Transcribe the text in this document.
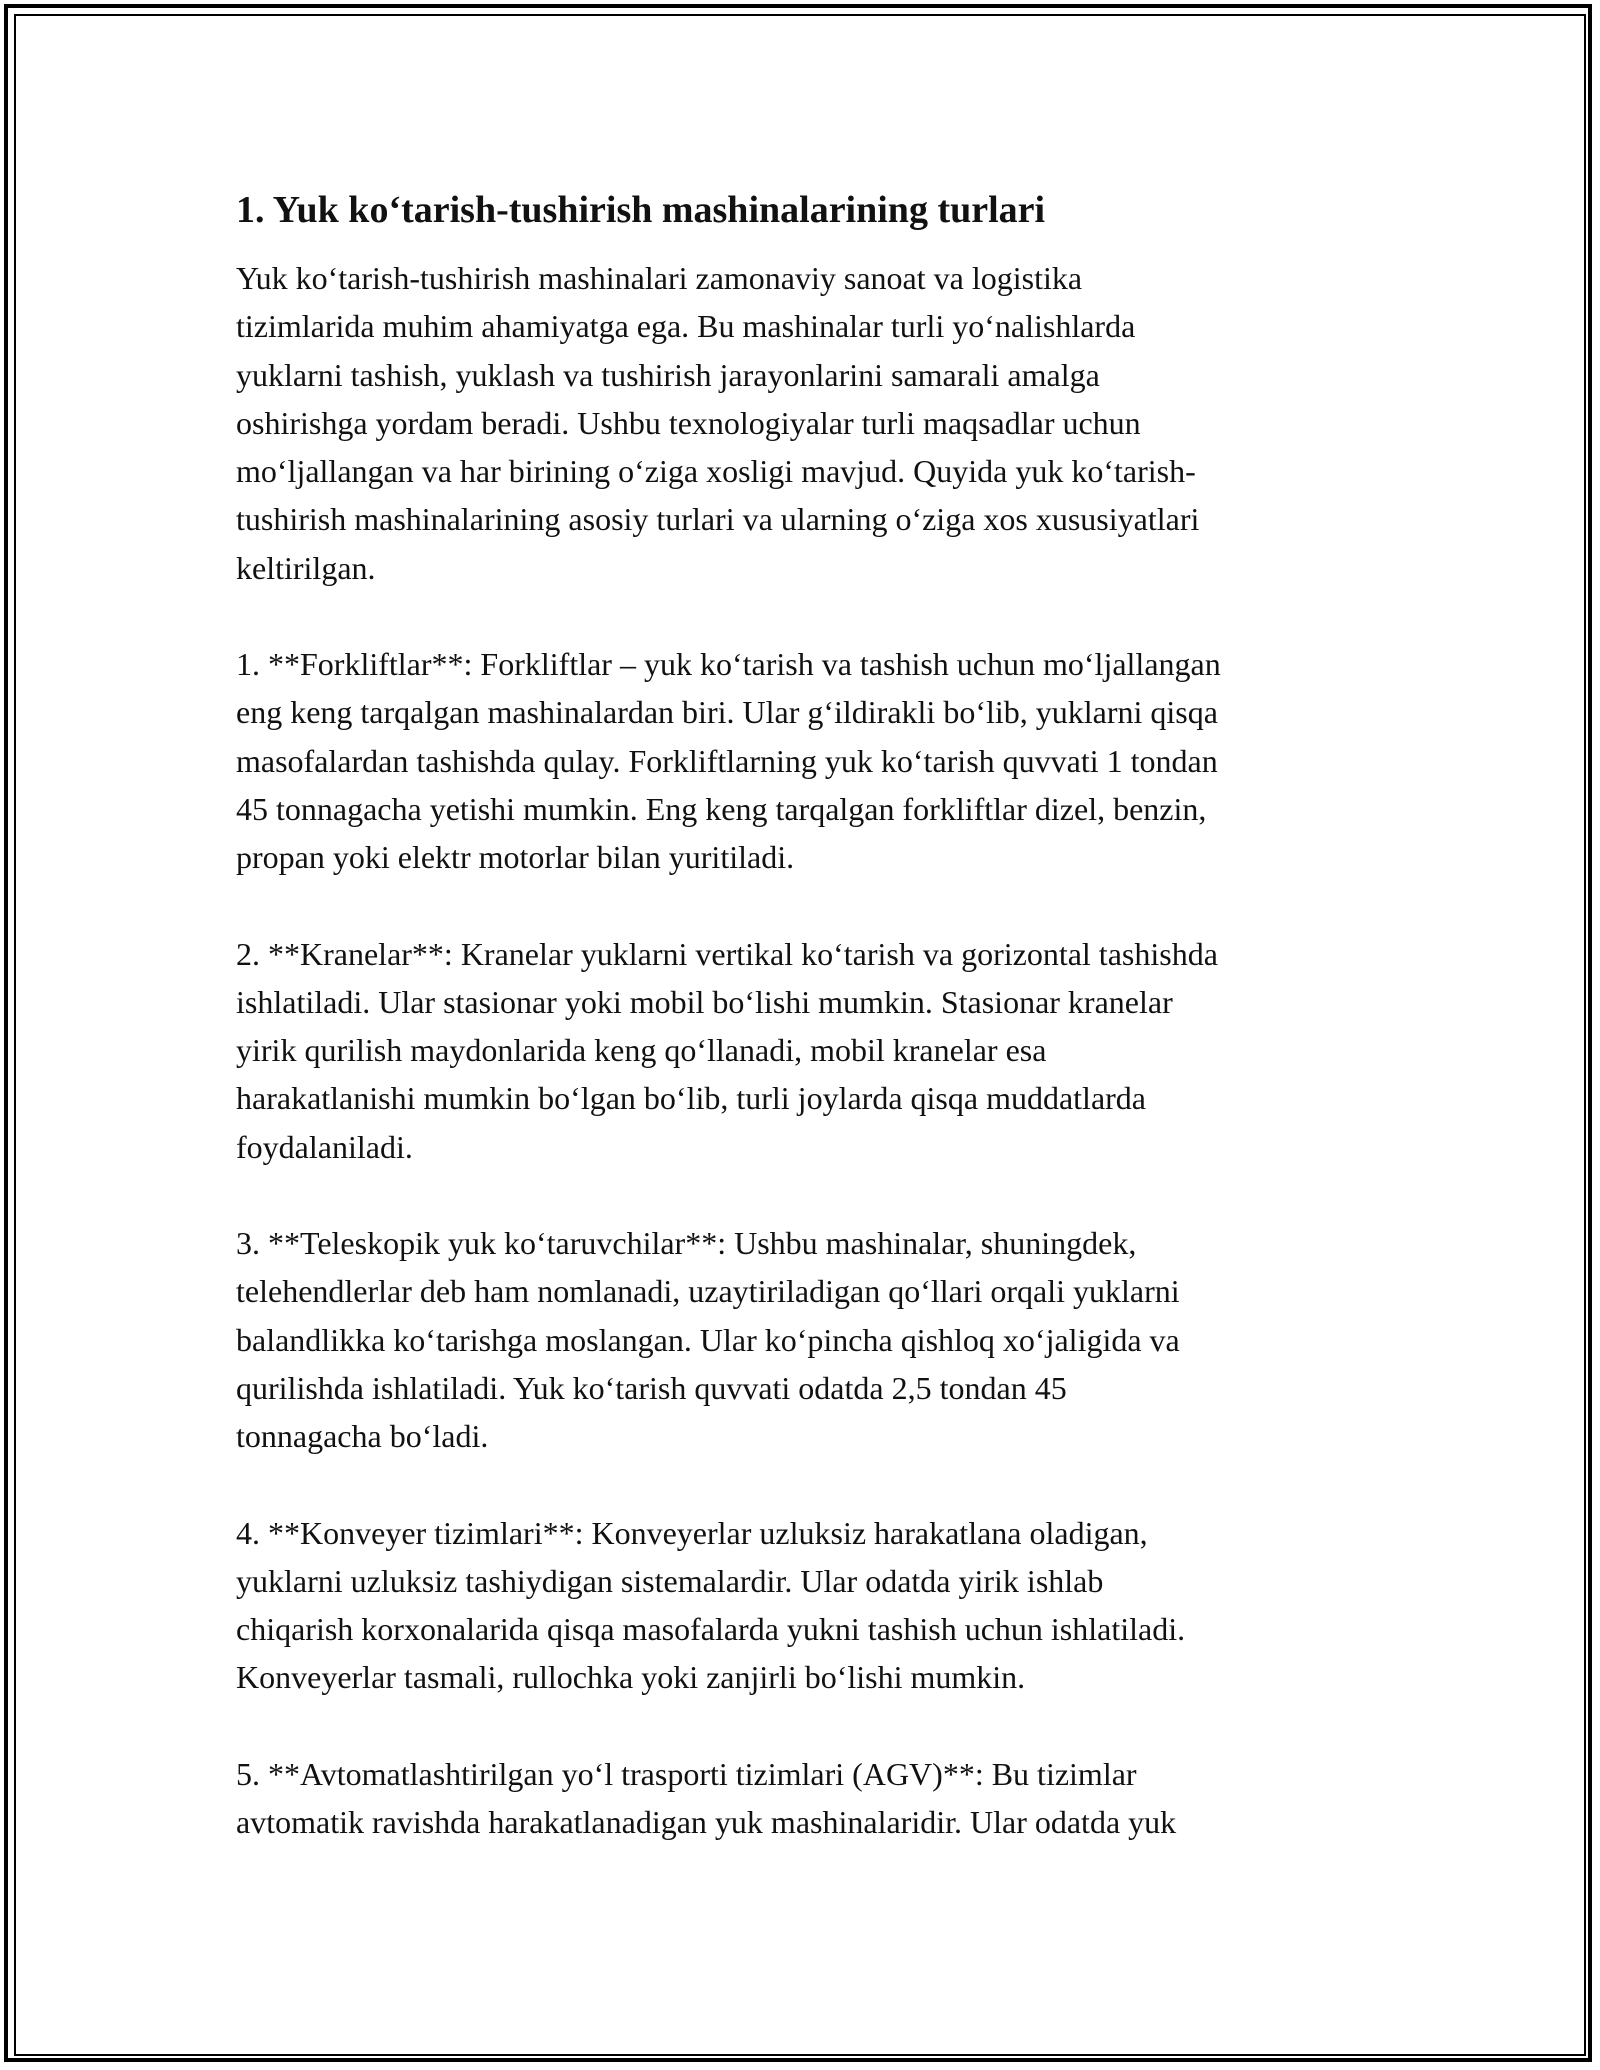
1. Yuk ko‘tarish-tushirish mashinalarining turlari
Yuk ko‘tarish-tushirish mashinalari zamonaviy sanoat va logistika
tizimlarida muhim ahamiyatga ega. Bu mashinalar turli yo‘nalishlarda
yuklarni tashish, yuklash va tushirish jarayonlarini samarali amalga
oshirishga yordam beradi. Ushbu texnologiyalar turli maqsadlar uchun
mo‘ljallangan va har birining o‘ziga xosligi mavjud. Quyida yuk ko‘tarish-
tushirish mashinalarining asosiy turlari va ularning o‘ziga xos xususiyatlari
keltirilgan.
1. **Forkliftlar**: Forkliftlar – yuk ko‘tarish va tashish uchun mo‘ljallangan
eng keng tarqalgan mashinalardan biri. Ular g‘ildirakli bo‘lib, yuklarni qisqa
masofalardan tashishda qulay. Forkliftlarning yuk ko‘tarish quvvati 1 tondan
45 tonnagacha yetishi mumkin. Eng keng tarqalgan forkliftlar dizel, benzin,
propan yoki elektr motorlar bilan yuritiladi.
2. **Kranelar**: Kranelar yuklarni vertikal ko‘tarish va gorizontal tashishda
ishlatiladi. Ular stasionar yoki mobil bo‘lishi mumkin. Stasionar kranelar
yirik qurilish maydonlarida keng qo‘llanadi, mobil kranelar esa
harakatlanishi mumkin bo‘lgan bo‘lib, turli joylarda qisqa muddatlarda
foydalaniladi.
3. **Teleskopik yuk ko‘taruvchilar**: Ushbu mashinalar, shuningdek,
telehendlerlar deb ham nomlanadi, uzaytiriladigan qo‘llari orqali yuklarni
balandlikka ko‘tarishga moslangan. Ular ko‘pincha qishloq xo‘jaligida va
qurilishda ishlatiladi. Yuk ko‘tarish quvvati odatda 2,5 tondan 45
tonnagacha bo‘ladi.
4. **Konveyer tizimlari**: Konveyerlar uzluksiz harakatlana oladigan,
yuklarni uzluksiz tashiydigan sistemalardir. Ular odatda yirik ishlab
chiqarish korxonalarida qisqa masofalarda yukni tashish uchun ishlatiladi.
Konveyerlar tasmali, rullochka yoki zanjirli bo‘lishi mumkin.
5. **Avtomatlashtirilgan yo‘l trasporti tizimlari (AGV)**: Bu tizimlar
avtomatik ravishda harakatlanadigan yuk mashinalaridir. Ular odatda yuk
